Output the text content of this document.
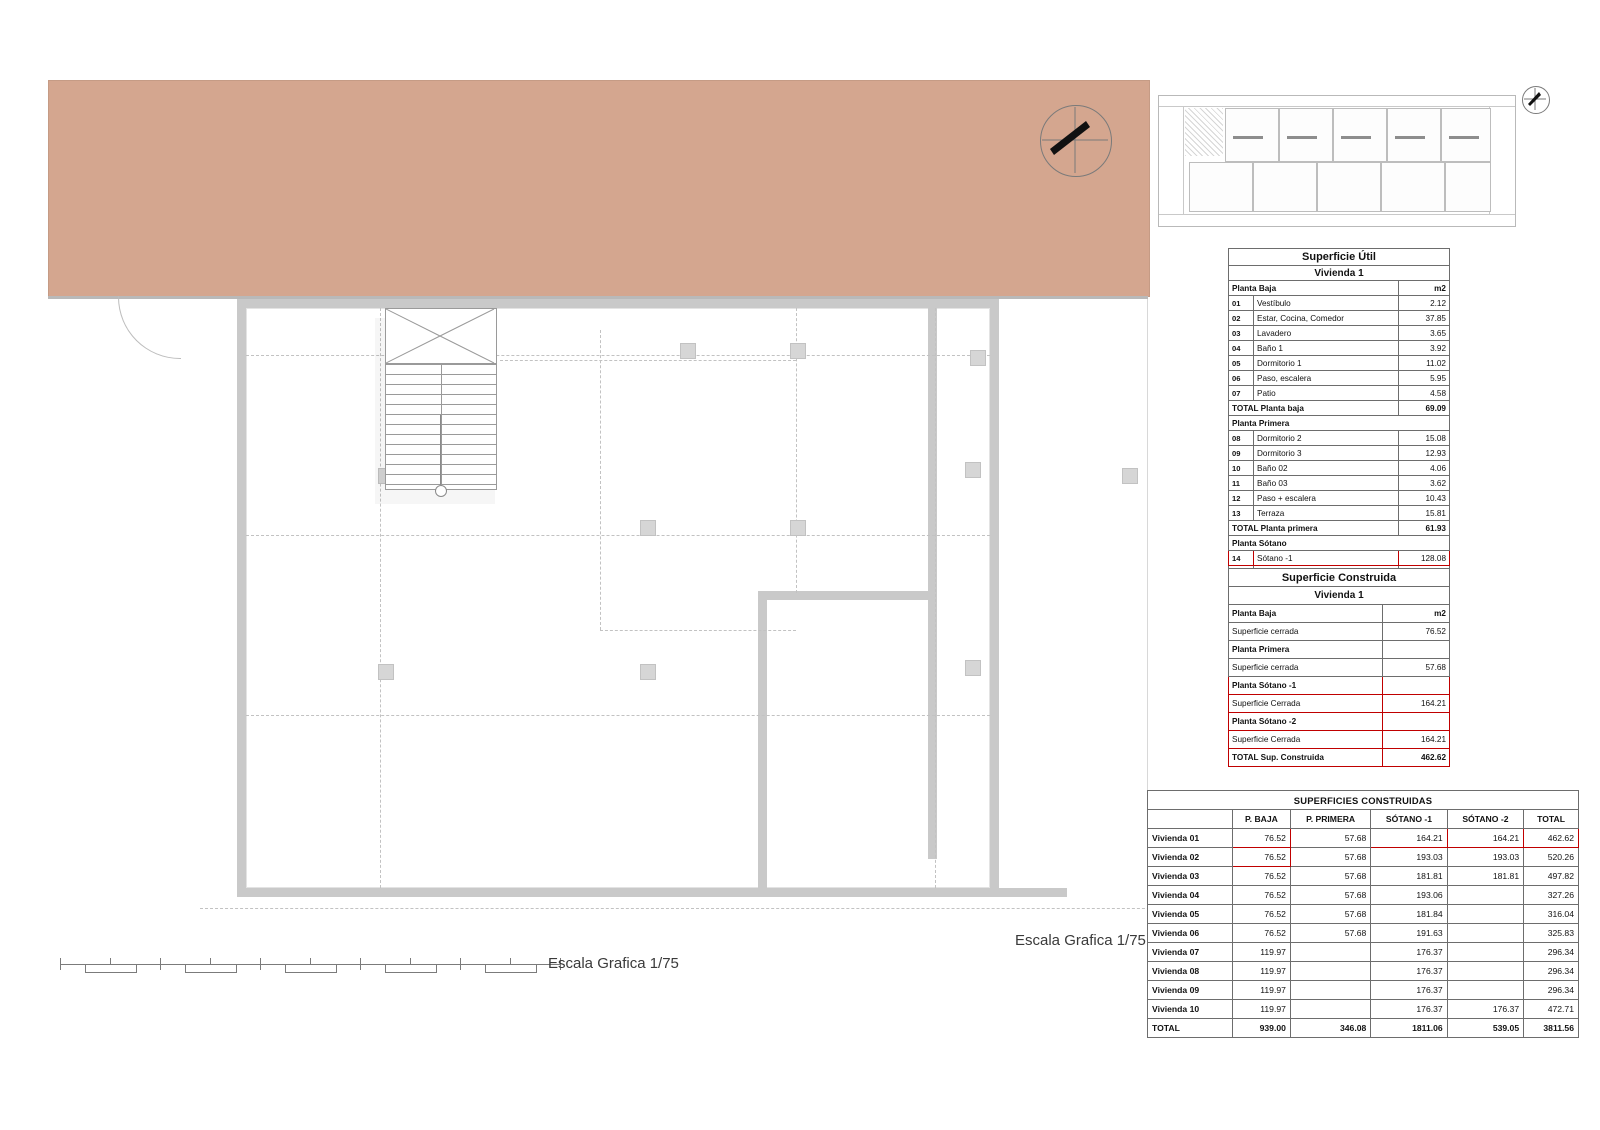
Escala Grafica 1/75
Escala Grafica 1/75
Superficie Útil		
Vivienda 1		
Planta Baja		m2
01	Vestíbulo	2.12
02	Estar, Cocina, Comedor	37.85
03	Lavadero	3.65
04	Baño 1	3.92
05	Dormitorio 1	11.02
06	Paso, escalera	5.95
07	Patio	4.58
TOTAL Planta baja		69.09
Planta Primera		
08	Dormitorio 2	15.08
09	Dormitorio 3	12.93
10	Baño 02	4.06
11	Baño 03	3.62
12	Paso + escalera	10.43
13	Terraza	15.81
TOTAL Planta primera		61.93
Planta Sótano		
14	Sótano -1	128.08

Superficie Construida	
Vivienda 1	
Planta Baja	m2
Superficie cerrada	76.52
Planta Primera	
Superficie cerrada	57.68
Planta Sótano -1	
Superficie Cerrada	164.21
Planta Sótano -2	
Superficie Cerrada	164.21
TOTAL Sup. Construida	462.62
SUPERFICIES CONSTRUIDAS					
	P. BAJA	P. PRIMERA	SÓTANO -1	SÓTANO -2	TOTAL
Vivienda 01	76.52	57.68	164.21	164.21	462.62
Vivienda 02	76.52	57.68	193.03	193.03	520.26
Vivienda 03	76.52	57.68	181.81	181.81	497.82
Vivienda 04	76.52	57.68	193.06		327.26
Vivienda 05	76.52	57.68	181.84		316.04
Vivienda 06	76.52	57.68	191.63		325.83
Vivienda 07	119.97		176.37		296.34
Vivienda 08	119.97		176.37		296.34
Vivienda 09	119.97		176.37		296.34
Vivienda 10	119.97		176.37	176.37	472.71
TOTAL	939.00	346.08	1811.06	539.05	3811.56
